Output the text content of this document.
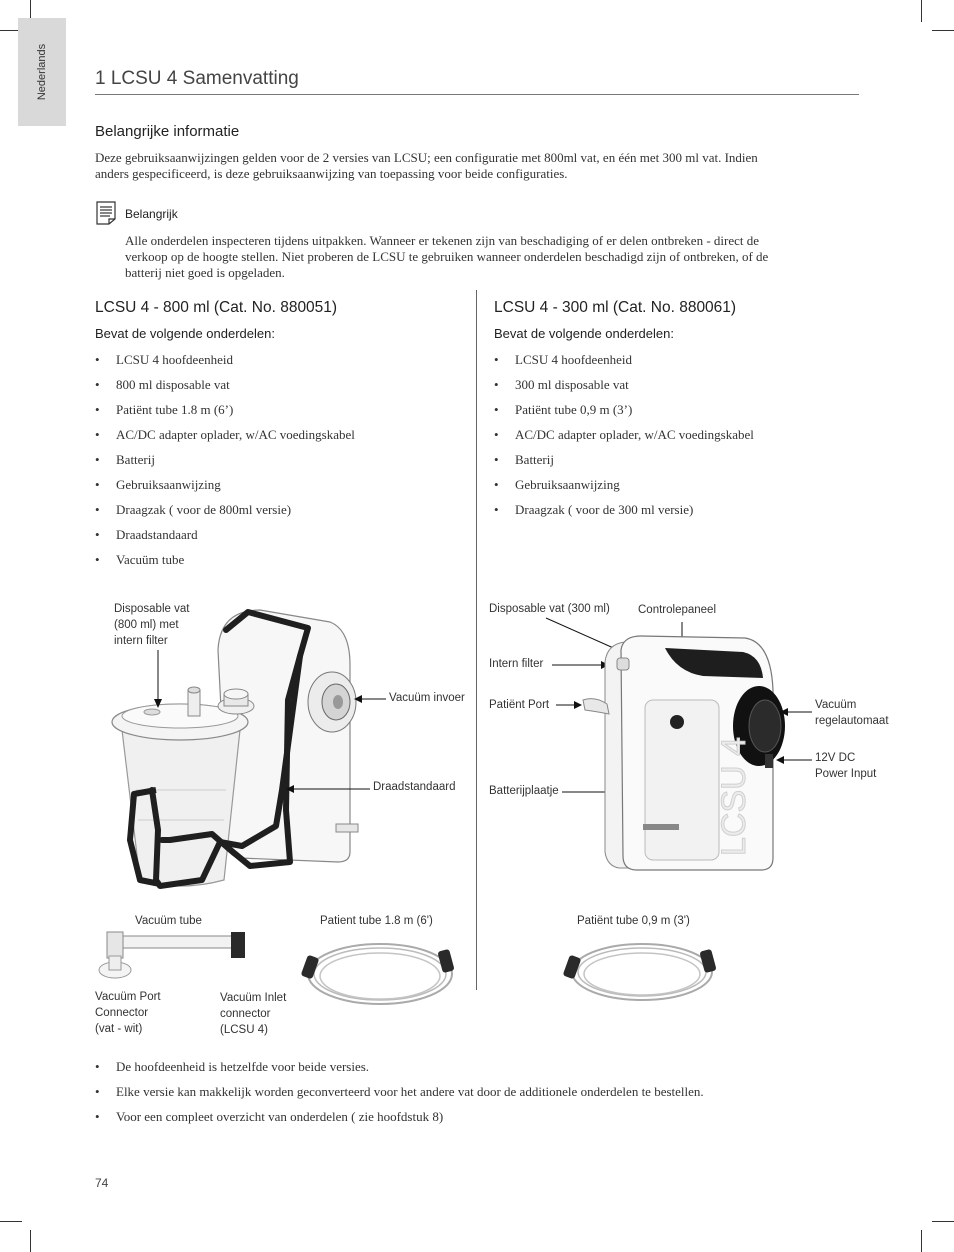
Nederlands 1 LCSU 4 Samenvatting
Belangrijke informatie
Deze gebruiksaanwijzingen gelden voor de 2 versies van LCSU; een configuratie met 800ml vat, en één met 300 ml vat. Indien
anders gespecificeerd, is deze gebruiksaanwijzing van toepassing voor beide configuraties.
Belangrijk
Alle onderdelen inspecteren tijdens uitpakken. Wanneer er tekenen zijn van beschadiging of er delen ontbreken - direct de
verkoop op de hoogte stellen. Niet proberen de LCSU te gebruiken wanneer onderdelen beschadigd zijn of ontbreken, of de
batterij niet goed is opgeladen.
LCSU 4 - 800 ml (Cat. No. 880051)
Bevat de volgende onderdelen:
• LCSU 4 hoofdeenheid
• 800 ml disposable vat
• Patiënt tube 1.8 m (6’)
• AC/DC adapter oplader, w/AC voedingskabel
• Batterij
• Gebruiksaanwijzing
• Draagzak ( voor de 800ml versie)
• Draadstandaard
• Vacuüm tube
LCSU 4 - 300 ml (Cat. No. 880061)
Bevat de volgende onderdelen:
• LCSU 4 hoofdeenheid
• 300 ml disposable vat
• Patiënt tube 0,9 m (3’)
• AC/DC adapter oplader, w/AC voedingskabel
• Batterij
• Gebruiksaanwijzing
• Draagzak ( voor de 300 ml versie)
Disposable vat
(800 ml) met
intern filter
Vacuüm invoer
Draadstandaard	LCSU 4
Disposable vat (300 ml) Controlepaneel
Intern filter
Patiënt Port
Batterijplaatje
Vacuüm
regelautomaat
12V DC
Power Input
Vacuüm tube
Vacuüm Port
Connector
(vat - wit)
Vacuüm Inlet
connector
(LCSU 4)
Patient tube 1.8 m (6')	Patiënt tube 0,9 m (3')
• De hoofdeenheid is hetzelfde voor beide versies.
• Elke versie kan makkelijk worden geconverteerd voor het andere vat door de additionele onderdelen te bestellen.
• Voor een compleet overzicht van onderdelen ( zie hoofdstuk 8)
74
